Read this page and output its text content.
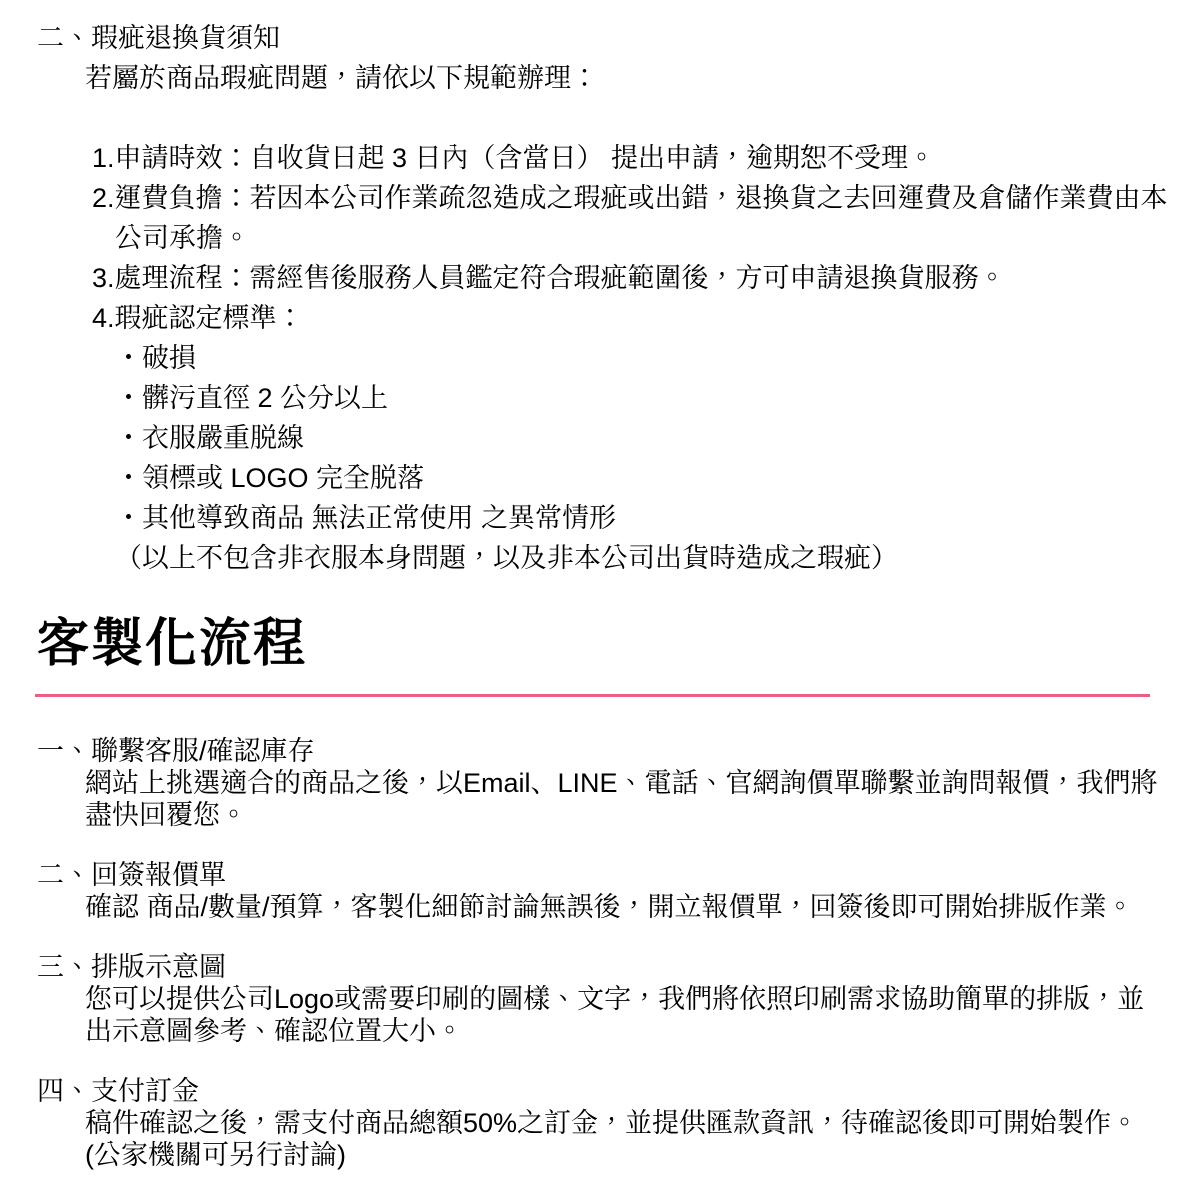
二、瑕疵退換貨須知
若屬於商品瑕疵問題，請依以下規範辦理：
1.申請時效：自收貨日起 3 日內（含當日） 提出申請，逾期恕不受理。
2.運費負擔：若因本公司作業疏忽造成之瑕疵或出錯，退換貨之去回運費及倉儲作業費由本
公司承擔。
3.處理流程：需經售後服務人員鑑定符合瑕疵範圍後，方可申請退換貨服務。
4.瑕疵認定標準：
・破損
・髒污直徑 2 公分以上
・衣服嚴重脱線
・領標或 LOGO 完全脱落
・其他導致商品 無法正常使用 之異常情形
（以上不包含非衣服本身問題，以及非本公司出貨時造成之瑕疵）
客製化流程
一、聯繫客服/確認庫存
網站上挑選適合的商品之後，以Email、LINE、電話、官網詢價單聯繫並詢問報價，我們將
盡快回覆您。
二、回簽報價單
確認 商品/數量/預算，客製化細節討論無誤後，開立報價單，回簽後即可開始排版作業。
三、排版示意圖
您可以提供公司Logo或需要印刷的圖樣、文字，我們將依照印刷需求協助簡單的排版，並
出示意圖參考、確認位置大小。
四、支付訂金
稿件確認之後，需支付商品總額50%之訂金，並提供匯款資訊，待確認後即可開始製作。
(公家機關可另行討論)
